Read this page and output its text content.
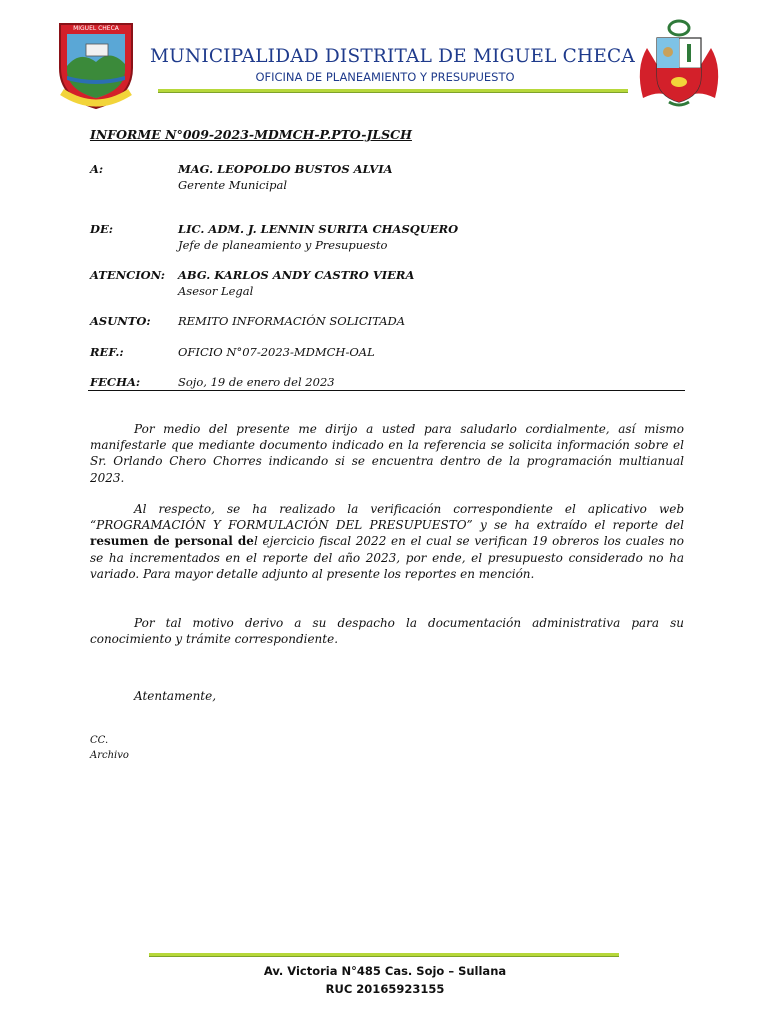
MIGUEL CHECA
MUNICIPALIDAD DISTRITAL DE MIGUEL CHECA
OFICINA DE PLANEAMIENTO Y PRESUPUESTO
INFORME N°009-2023-MDMCH-P.PTO-JLSCH
A:	MAG. LEOPOLDO BUSTOS ALVIA
Gerente Municipal
DE:	LIC. ADM. J. LENNIN SURITA CHASQUERO
Jefe de planeamiento y Presupuesto
ATENCION: ABG. KARLOS ANDY CASTRO VIERA
Asesor Legal
ASUNTO: REMITO INFORMACIÓN SOLICITADA
REF.:	OFICIO N°07-2023-MDMCH-OAL
FECHA:	Sojo, 19 de enero del 2023
Por medio del presente me dirijo a usted para saludarlo cordialmente, así mismo manifestarle que mediante documento indicado en la referencia se solicita información sobre el Sr. Orlando Chero Chorres indicando si se encuentra dentro de la programación multianual 2023.
Al respecto, se ha realizado la verificación correspondiente el aplicativo web “PROGRAMACIÓN Y FORMULACIÓN DEL PRESUPUESTO” y se ha extraído el reporte del resumen de personal del ejercicio fiscal 2022 en el cual se verifican 19 obreros los cuales no se ha incrementados en el reporte del año 2023, por ende, el presupuesto considerado no ha variado. Para mayor detalle adjunto al presente los reportes en mención.
Por tal motivo derivo a su despacho la documentación administrativa para su conocimiento y trámite correspondiente.
Atentamente,
CC.
Archivo
Av. Victoria N°485 Cas. Sojo – Sullana
RUC 20165923155
